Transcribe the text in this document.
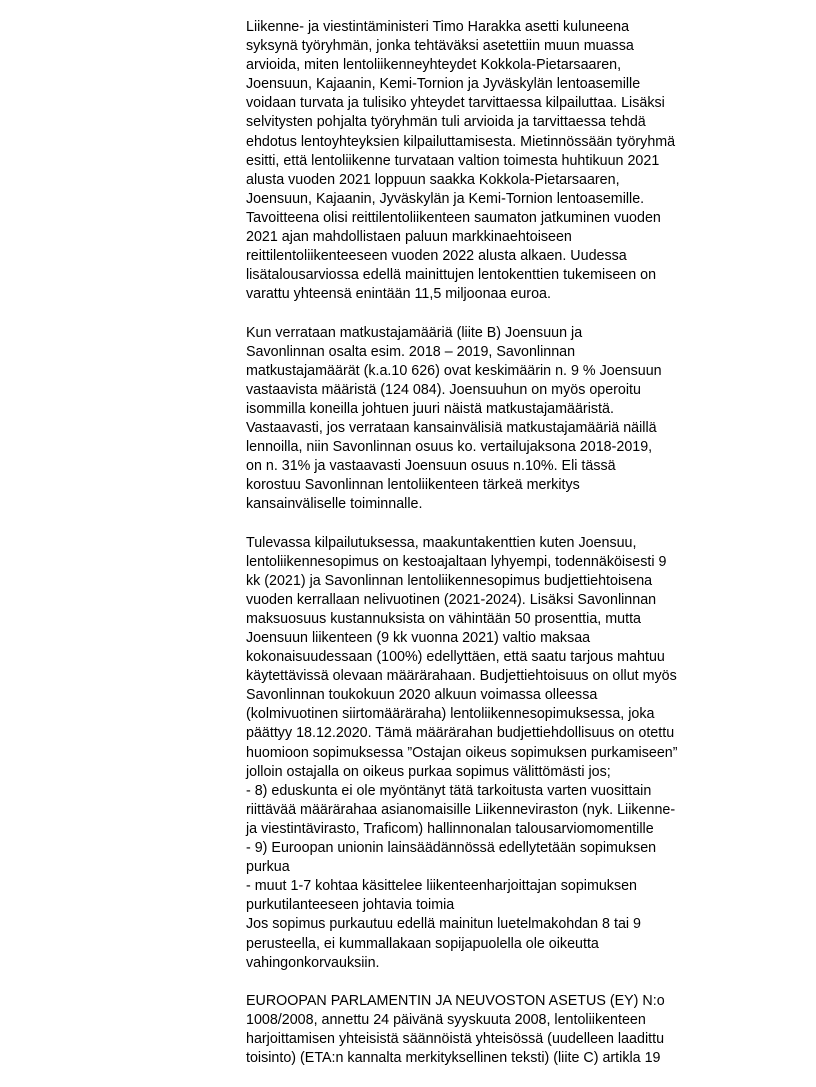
Liikenne- ja viestintäministeri Timo Harakka asetti kuluneena
syksynä työryhmän, jonka tehtäväksi asetettiin muun muassa
arvioida, miten lentoliikenneyhteydet Kokkola-Pietarsaaren,
Joensuun, Kajaanin, Kemi-Tornion ja Jyväskylän lentoasemille
voidaan turvata ja tulisiko yhteydet tarvittaessa kilpailuttaa. Lisäksi
selvitysten pohjalta työryhmän tuli arvioida ja tarvittaessa tehdä
ehdotus lentoyhteyksien kilpailuttamisesta. Mietinnössään työryhmä
esitti, että lentoliikenne turvataan valtion toimesta huhtikuun 2021
alusta vuoden 2021 loppuun saakka Kokkola-Pietarsaaren,
Joensuun, Kajaanin, Jyväskylän ja Kemi-Tornion lentoasemille.
Tavoitteena olisi reittilentoliikenteen saumaton jatkuminen vuoden
2021 ajan mahdollistaen paluun markkinaehtoiseen
reittilentoliikenteeseen vuoden 2022 alusta alkaen. Uudessa
lisätalousarviossa edellä mainittujen lentokenttien tukemiseen on
varattu yhteensä enintään 11,5 miljoonaa euroa.
Kun verrataan matkustajamääriä (liite B) Joensuun ja
Savonlinnan osalta esim. 2018 – 2019, Savonlinnan
matkustajamäärät (k.a.10 626) ovat keskimäärin n. 9 % Joensuun
vastaavista määristä (124 084). Joensuuhun on myös operoitu
isommilla koneilla johtuen juuri näistä matkustajamääristä.
Vastaavasti, jos verrataan kansainvälisiä matkustajamääriä näillä
lennoilla, niin Savonlinnan osuus ko. vertailujaksona 2018-2019,
on n. 31% ja vastaavasti Joensuun osuus n.10%. Eli tässä
korostuu Savonlinnan lentoliikenteen tärkeä merkitys
kansainväliselle toiminnalle.
Tulevassa kilpailutuksessa, maakuntakenttien kuten Joensuu,
lentoliikennesopimus on kestoajaltaan lyhyempi, todennäköisesti 9
kk (2021) ja Savonlinnan lentoliikennesopimus budjettiehtoisena
vuoden kerrallaan nelivuotinen (2021-2024). Lisäksi Savonlinnan
maksuosuus kustannuksista on vähintään 50 prosenttia, mutta
Joensuun liikenteen (9 kk vuonna 2021) valtio maksaa
kokonaisuudessaan (100%) edellyttäen, että saatu tarjous mahtuu
käytettävissä olevaan määrärahaan. Budjettiehtoisuus on ollut myös
Savonlinnan toukokuun 2020 alkuun voimassa olleessa
(kolmivuotinen siirtomääräraha) lentoliikennesopimuksessa, joka
päättyy 18.12.2020. Tämä määrärahan budjettiehdollisuus on otettu
huomioon sopimuksessa ”Ostajan oikeus sopimuksen purkamiseen”
jolloin ostajalla on oikeus purkaa sopimus välittömästi jos;
- 8) eduskunta ei ole myöntänyt tätä tarkoitusta varten vuosittain
riittävää määrärahaa asianomaisille Liikenneviraston (nyk. Liikenne-
ja viestintävirasto, Traficom) hallinnonalan talousarviomomentille
- 9) Euroopan unionin lainsäädännössä edellytetään sopimuksen
purkua
- muut 1-7 kohtaa käsittelee liikenteenharjoittajan sopimuksen
purkutilanteeseen johtavia toimia
Jos sopimus purkautuu edellä mainitun luetelmakohdan 8 tai 9
perusteella, ei kummallakaan sopijapuolella ole oikeutta
vahingonkorvauksiin.
EUROOPAN PARLAMENTIN JA NEUVOSTON ASETUS (EY) N:o
1008/2008, annettu 24 päivänä syyskuuta 2008, lentoliikenteen
harjoittamisen yhteisistä säännöistä yhteisössä (uudelleen laadittu
toisinto) (ETA:n kannalta merkityksellinen teksti) (liite C) artikla 19
